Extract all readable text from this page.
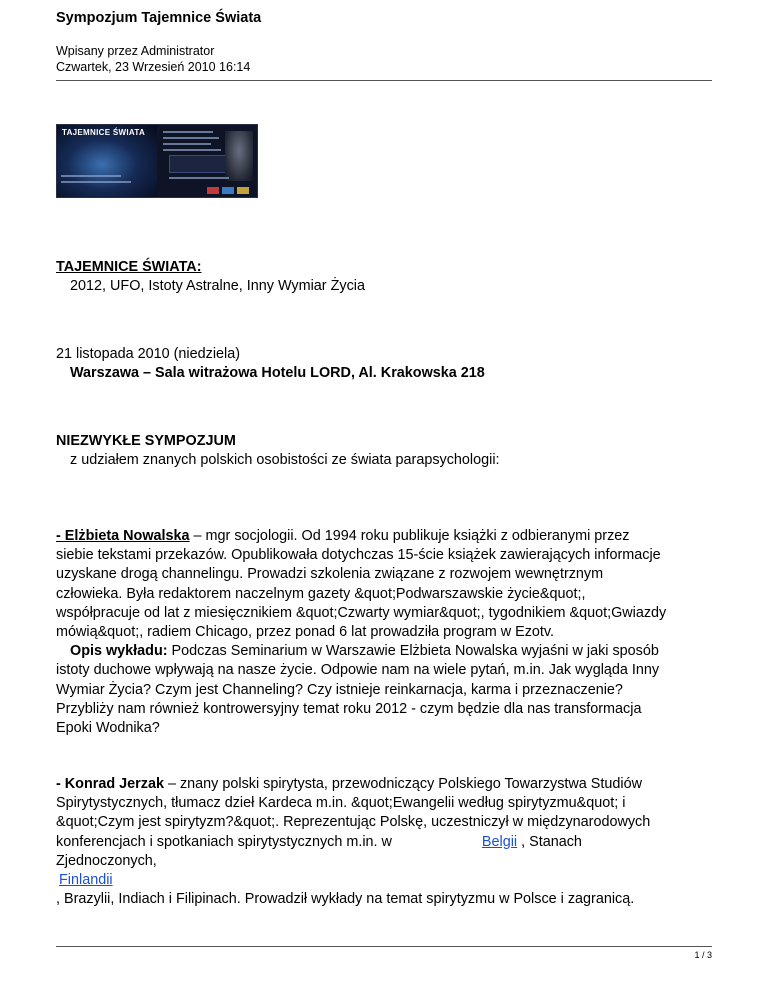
Sympozjum Tajemnice Świata
Wpisany przez Administrator
Czwartek, 23 Wrzesień 2010 16:14
TAJEMNICE ŚWIATA
TAJEMNICE ŚWIATA:
2012, UFO, Istoty Astralne, Inny Wymiar Życia
21 listopada 2010 (niedziela)
Warszawa – Sala witrażowa Hotelu LORD, Al. Krakowska 218
NIEZWYKŁE SYMPOZJUM
z udziałem znanych polskich osobistości ze świata parapsychologii:
- Elżbieta Nowalska – mgr socjologii. Od 1994 roku publikuje książki z odbieranymi przez
siebie tekstami przekazów. Opublikowała dotychczas 15-ście książek zawierających informacje
uzyskane drogą channelingu. Prowadzi szkolenia związane z rozwojem wewnętrznym
człowieka. Była redaktorem naczelnym gazety &quot;Podwarszawskie życie&quot;,
współpracuje od lat z miesięcznikiem &quot;Czwarty wymiar&quot;, tygodnikiem &quot;Gwiazdy
mówią&quot;, radiem Chicago, przez ponad 6 lat prowadziła program w Ezotv.
Opis wykładu: Podczas Seminarium w Warszawie Elżbieta Nowalska wyjaśni w jaki sposób
istoty duchowe wpływają na nasze życie. Odpowie nam na wiele pytań, m.in. Jak wygląda Inny
Wymiar Życia? Czym jest Channeling? Czy istnieje reinkarnacja, karma i przeznaczenie?
Przybliży nam również kontrowersyjny temat roku 2012 - czym będzie dla nas transformacja
Epoki Wodnika?
- Konrad Jerzak – znany polski spirytysta, przewodniczący Polskiego Towarzystwa Studiów
Spirytystycznych, tłumacz dzieł Kardeca m.in. &quot;Ewangelii według spirytyzmu&quot; i
&quot;Czym jest spirytyzm?&quot;. Reprezentując Polskę, uczestniczył w międzynarodowych
konferencjach i spotkaniach spirytystycznych m.in. w	Belgii , Stanach
Zjednoczonych,
Finlandii
, Brazylii, Indiach i Filipinach. Prowadził wykłady na temat spirytyzmu w Polsce i zagranicą.
1 / 3
